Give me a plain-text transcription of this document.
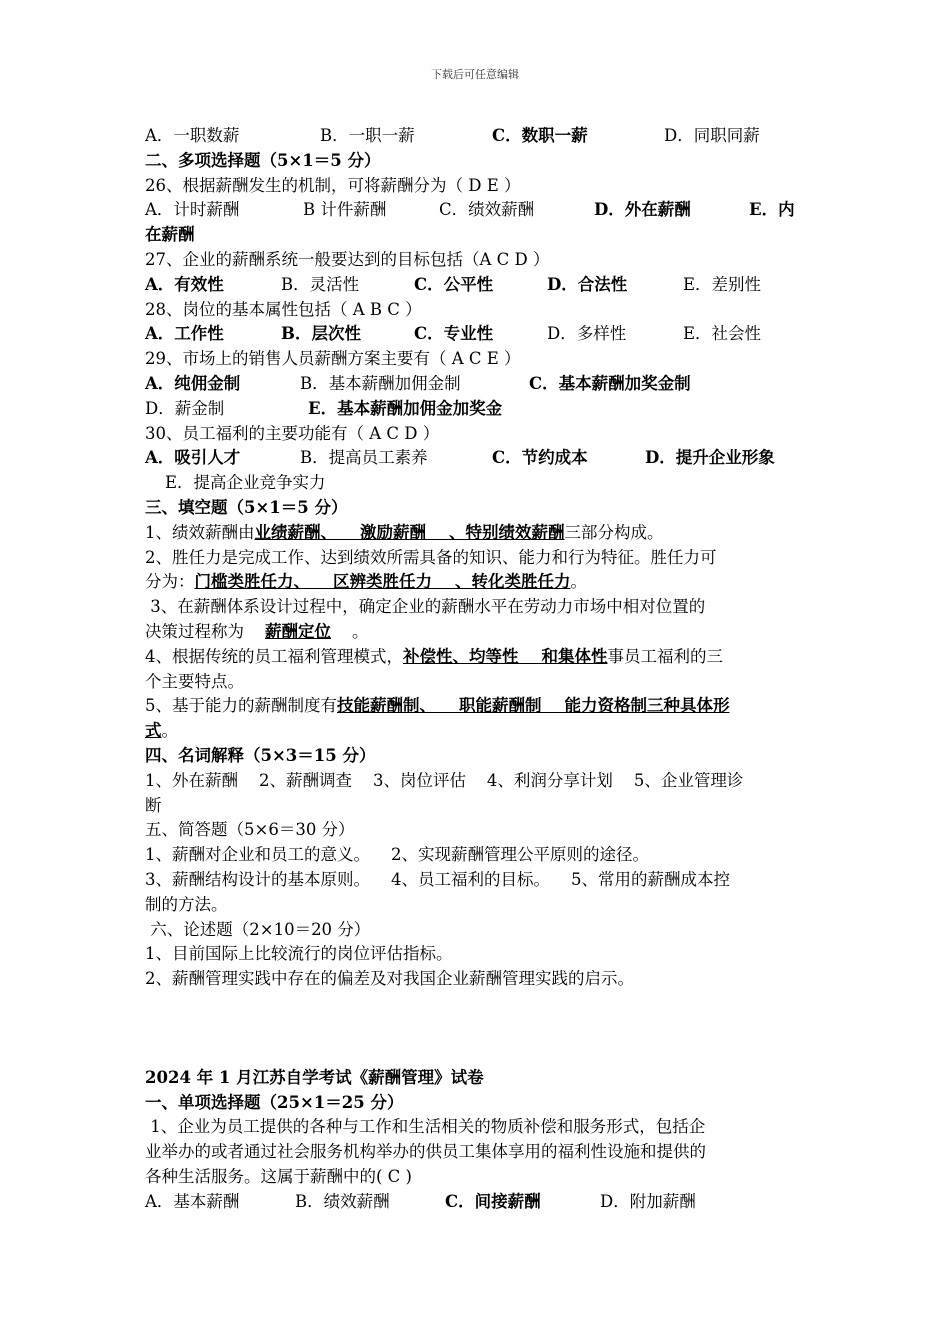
下载后可任意编辑
A．一职数薪	B．一职一薪	C．数职一薪	D．同职同薪
二、多项选择题（5×1＝5 分）
26、根据薪酬发生的机制，可将薪酬分为（ D E ）
A．计时薪酬	B 计件薪酬	C．绩效薪酬	D．外在薪酬	E．内
在薪酬
27、企业的薪酬系统一般要达到的目标包括（A C D ）
A．有效性	B．灵活性	C．公平性	D．合法性	E．差别性
28、岗位的基本属性包括（ A B C ）
A．工作性	B．层次性	C．专业性	D．多样性	E．社会性
29、市场上的销售人员薪酬方案主要有（ A C E ）
A．纯佣金制	B．基本薪酬加佣金制	C．基本薪酬加奖金制
D．薪金制	E．基本薪酬加佣金加奖金
30、员工福利的主要功能有（ A C D ）
A．吸引人才	B．提高员工素养	C．节约成本	D．提升企业形象
E．提高企业竞争实力
三、填空题（5×1＝5 分）
1、绩效薪酬由业绩薪酬、    激励薪酬    、特别绩效薪酬三部分构成。
2、胜任力是完成工作、达到绩效所需具备的知识、能力和行为特征。胜任力可
分为：门槛类胜任力、    区辨类胜任力    、转化类胜任力。
3、在薪酬体系设计过程中，确定企业的薪酬水平在劳动力市场中相对位置的
决策过程称为    薪酬定位    。
4、根据传统的员工福利管理模式，补偿性、均等性    和集体性事员工福利的三
个主要特点。
5、基于能力的薪酬制度有技能薪酬制、    职能薪酬制    能力资格制三种具体形
式。
四、名词解释（5×3＝15 分）
1、外在薪酬    2、薪酬调查    3、岗位评估    4、利润分享计划    5、企业管理诊
断
五、简答题（5×6＝30 分）
1、薪酬对企业和员工的意义。    2、实现薪酬管理公平原则的途径。
3、薪酬结构设计的基本原则。    4、员工福利的目标。    5、常用的薪酬成本控
制的方法。
六、论述题（2×10＝20 分）
1、目前国际上比较流行的岗位评估指标。
2、薪酬管理实践中存在的偏差及对我国企业薪酬管理实践的启示。
2024 年 1 月江苏自学考试《薪酬管理》试卷
一、单项选择题（25×1＝25 分）
1、企业为员工提供的各种与工作和生活相关的物质补偿和服务形式，包括企
业举办的或者通过社会服务机构举办的供员工集体享用的福利性设施和提供的
各种生活服务。这属于薪酬中的( C )
A．基本薪酬	B．绩效薪酬	C．间接薪酬	D．附加薪酬
